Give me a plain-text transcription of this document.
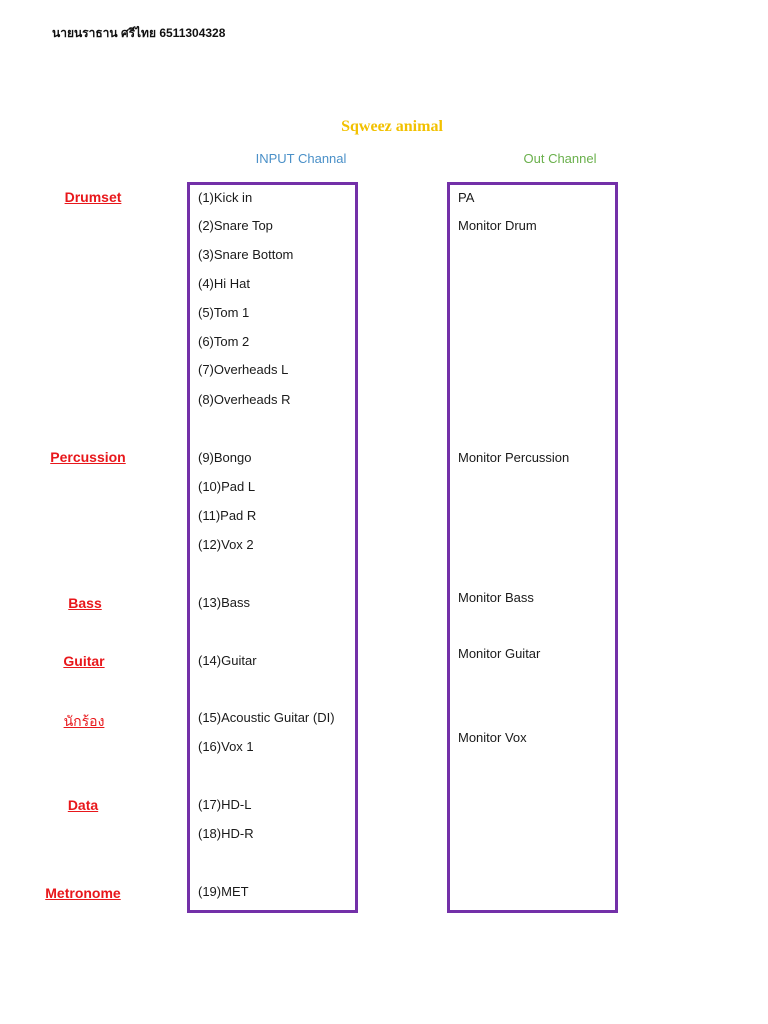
นายนราธาน ศรีไทย 6511304328
Sqweez animal
INPUT Channal	Out Channel
Drumset
Percussion
Bass
Guitar
นักร้อง
Data
Metronome
(1)Kick in
(2)Snare Top
(3)Snare Bottom
(4)Hi Hat
(5)Tom 1
(6)Tom 2
(7)Overheads L
(8)Overheads R
(9)Bongo
(10)Pad L
(11)Pad R
(12)Vox 2
(13)Bass
(14)Guitar
(15)Acoustic Guitar (DI)
(16)Vox 1
(17)HD-L
(18)HD-R
(19)MET
PA
Monitor Drum
Monitor Percussion
Monitor Bass
Monitor Guitar
Monitor Vox
